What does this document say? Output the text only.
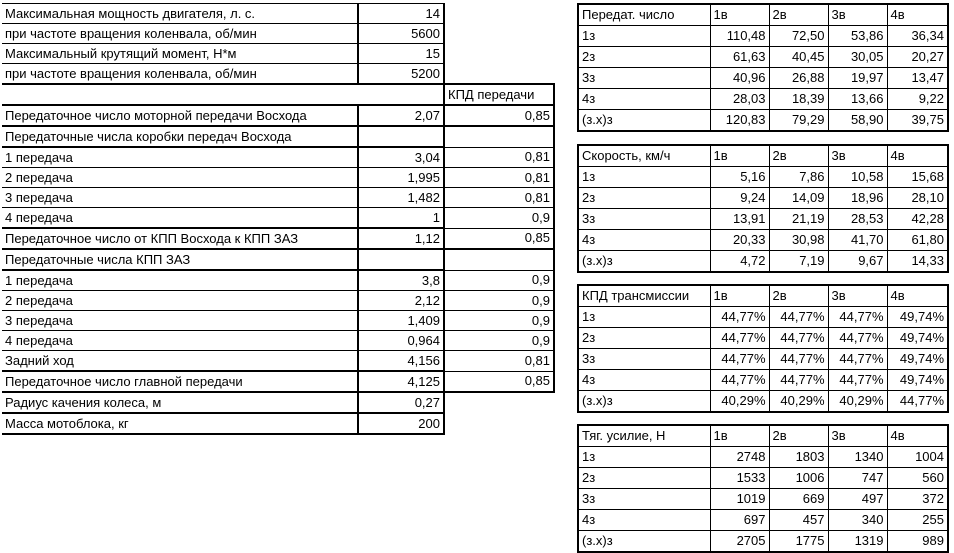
Максимальная мощность двигателя, л. с.	14	
при частоте вращения коленвала, об/мин	5600	
Максимальный крутящий момент, Н*м	15	
при частоте вращения коленвала, об/мин	5200	
		КПД передачи
Передаточное число моторной передачи Восхода	2,07	0,85
Передаточные числа коробки передач Восхода		
1 передача	3,04	0,81
2 передача	1,995	0,81
3 передача	1,482	0,81
4 передача	1	0,9
Передаточное число от КПП Восхода к КПП ЗАЗ	1,12	0,85
Передаточные числа КПП ЗАЗ		
1 передача	3,8	0,9
2 передача	2,12	0,9
3 передача	1,409	0,9
4 передача	0,964	0,9
Задний ход	4,156	0,81
Передаточное число главной передачи	4,125	0,85
Радиус качения колеса, м	0,27	
Масса мотоблока, кг	200	
Передат. число	1в	2в	3в	4в
1з	110,48	72,50	53,86	36,34
2з	61,63	40,45	30,05	20,27
3з	40,96	26,88	19,97	13,47
4з	28,03	18,39	13,66	9,22
(з.х)з	120,83	79,29	58,90	39,75
Скорость, км/ч	1в	2в	3в	4в
1з	5,16	7,86	10,58	15,68
2з	9,24	14,09	18,96	28,10
3з	13,91	21,19	28,53	42,28
4з	20,33	30,98	41,70	61,80
(з.х)з	4,72	7,19	9,67	14,33
КПД трансмиссии	1в	2в	3в	4в
1з	44,77%	44,77%	44,77%	49,74%
2з	44,77%	44,77%	44,77%	49,74%
3з	44,77%	44,77%	44,77%	49,74%
4з	44,77%	44,77%	44,77%	49,74%
(з.х)з	40,29%	40,29%	40,29%	44,77%
Тяг. усилие, Н	1в	2в	3в	4в
1з	2748	1803	1340	1004
2з	1533	1006	747	560
3з	1019	669	497	372
4з	697	457	340	255
(з.х)з	2705	1775	1319	989
